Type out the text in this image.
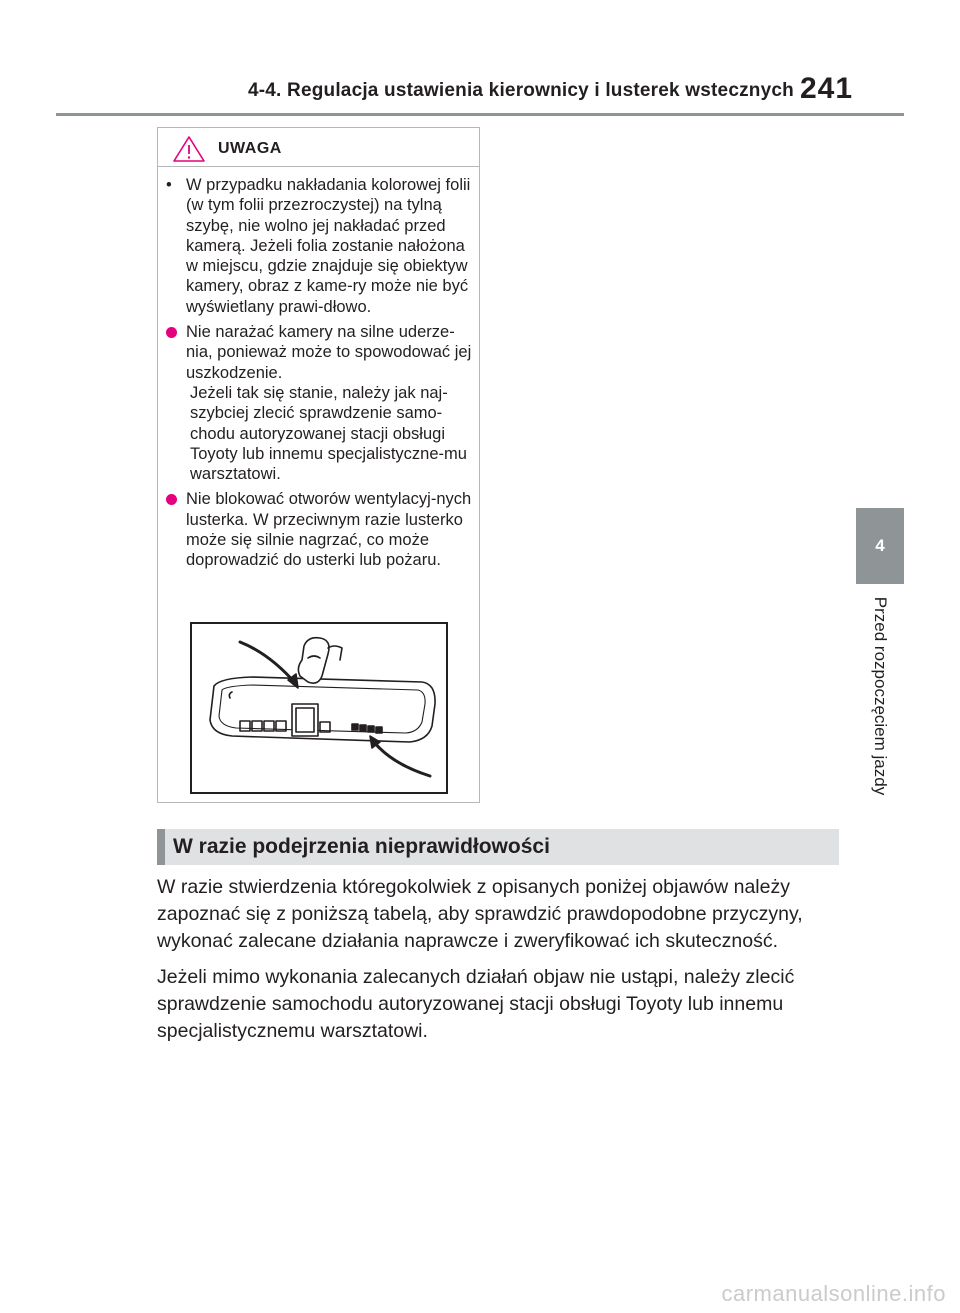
4-4. Regulacja ustawienia kierownicy i lusterek wstecznych 241
4
Przed rozpoczęciem jazdy
UWAGA
• W przypadku nakładania kolorowej folii (w tym folii przezroczystej) na tylną szybę, nie wolno jej nakładać przed kamerą. Jeżeli folia zostanie nałożona w miejscu, gdzie znajduje się obiektyw kamery, obraz z kame-ry może nie być wyświetlany prawi-dłowo.
Nie narażać kamery na silne uderze-nia, ponieważ może to spowodować jej uszkodzenie.
Jeżeli tak się stanie, należy jak naj-szybciej zlecić sprawdzenie samo-chodu autoryzowanej stacji obsługi Toyoty lub innemu specjalistyczne-mu warsztatowi.
Nie blokować otworów wentylacyj-nych lusterka. W przeciwnym razie lusterko może się silnie nagrzać, co może doprowadzić do usterki lub pożaru.
W razie podejrzenia nieprawidłowości

W razie stwierdzenia któregokolwiek z opisanych poniżej objawów należy zapoznać się z poniższą tabelą, aby sprawdzić prawdopodobne przyczyny, wykonać zalecane działania naprawcze i zweryfikować ich skuteczność.

Jeżeli mimo wykonania zalecanych działań objaw nie ustąpi, należy zlecić sprawdzenie samochodu autoryzowanej stacji obsługi Toyoty lub innemu specjalistycznemu warsztatowi.

carmanualsonline.info
